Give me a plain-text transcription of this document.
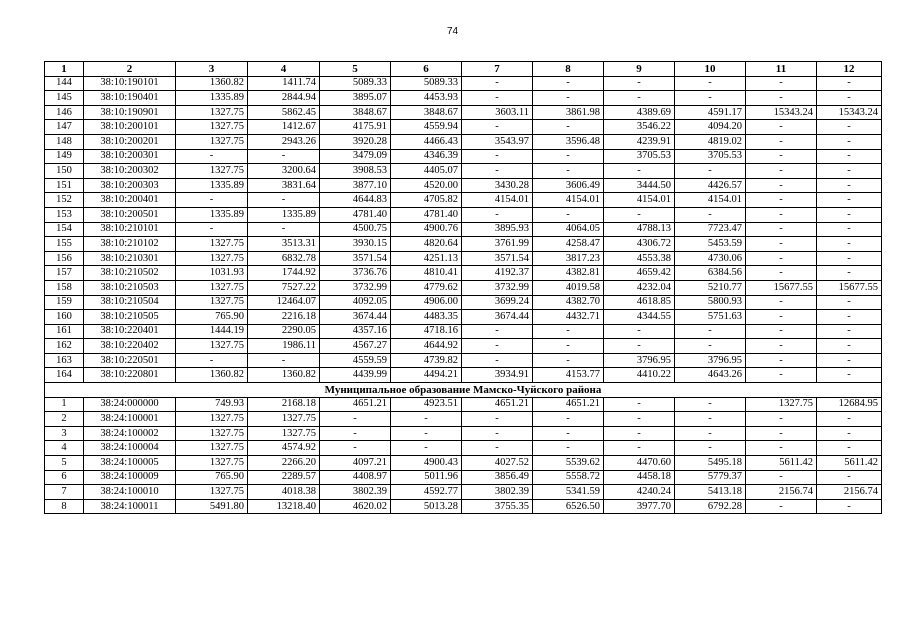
74
1	2	3	4	5	6	7	8	9	10	11	12
144	38:10:190101	1360.82	1411.74	5089.33	5089.33	-	-	-	-	-	-
145	38:10:190401	1335.89	2844.94	3895.07	4453.93	-	-	-	-	-	-
146	38:10:190901	1327.75	5862.45	3848.67	3848.67	3603.11	3861.98	4389.69	4591.17	15343.24	15343.24
147	38:10:200101	1327.75	1412.67	4175.91	4559.94	-	-	3546.22	4094.20	-	-
148	38:10:200201	1327.75	2943.26	3920.28	4466.43	3543.97	3596.48	4239.91	4819.02	-	-
149	38:10:200301	-	-	3479.09	4346.39	-	-	3705.53	3705.53	-	-
150	38:10:200302	1327.75	3200.64	3908.53	4405.07	-	-	-	-	-	-
151	38:10:200303	1335.89	3831.64	3877.10	4520.00	3430.28	3606.49	3444.50	4426.57	-	-
152	38:10:200401	-	-	4644.83	4705.82	4154.01	4154.01	4154.01	4154.01	-	-
153	38:10:200501	1335.89	1335.89	4781.40	4781.40	-	-	-	-	-	-
154	38:10:210101	-	-	4500.75	4900.76	3895.93	4064.05	4788.13	7723.47	-	-
155	38:10:210102	1327.75	3513.31	3930.15	4820.64	3761.99	4258.47	4306.72	5453.59	-	-
156	38:10:210301	1327.75	6832.78	3571.54	4251.13	3571.54	3817.23	4553.38	4730.06	-	-
157	38:10:210502	1031.93	1744.92	3736.76	4810.41	4192.37	4382.81	4659.42	6384.56	-	-
158	38:10:210503	1327.75	7527.22	3732.99	4779.62	3732.99	4019.58	4232.04	5210.77	15677.55	15677.55
159	38:10:210504	1327.75	12464.07	4092.05	4906.00	3699.24	4382.70	4618.85	5800.93	-	-
160	38:10:210505	765.90	2216.18	3674.44	4483.35	3674.44	4432.71	4344.55	5751.63	-	-
161	38:10:220401	1444.19	2290.05	4357.16	4718.16	-	-	-	-	-	-
162	38:10:220402	1327.75	1986.11	4567.27	4644.92	-	-	-	-	-	-
163	38:10:220501	-	-	4559.59	4739.82	-	-	3796.95	3796.95	-	-
164	38:10:220801	1360.82	1360.82	4439.99	4494.21	3934.91	4153.77	4410.22	4643.26	-	-
Муниципальное образование Мамско-Чуйского района											
1	38:24:000000	749.93	2168.18	4651.21	4923.51	4651.21	4651.21	-	-	1327.75	12684.95
2	38:24:100001	1327.75	1327.75	-	-	-	-	-	-	-	-
3	38:24:100002	1327.75	1327.75	-	-	-	-	-	-	-	-
4	38:24:100004	1327.75	4574.92	-	-	-	-	-	-	-	-
5	38:24:100005	1327.75	2266.20	4097.21	4900.43	4027.52	5539.62	4470.60	5495.18	5611.42	5611.42
6	38:24:100009	765.90	2289.57	4408.97	5011.96	3856.49	5558.72	4458.18	5779.37	-	-
7	38:24:100010	1327.75	4018.38	3802.39	4592.77	3802.39	5341.59	4240.24	5413.18	2156.74	2156.74
8	38:24:100011	5491.80	13218.40	4620.02	5013.28	3755.35	6526.50	3977.70	6792.28	-	-
